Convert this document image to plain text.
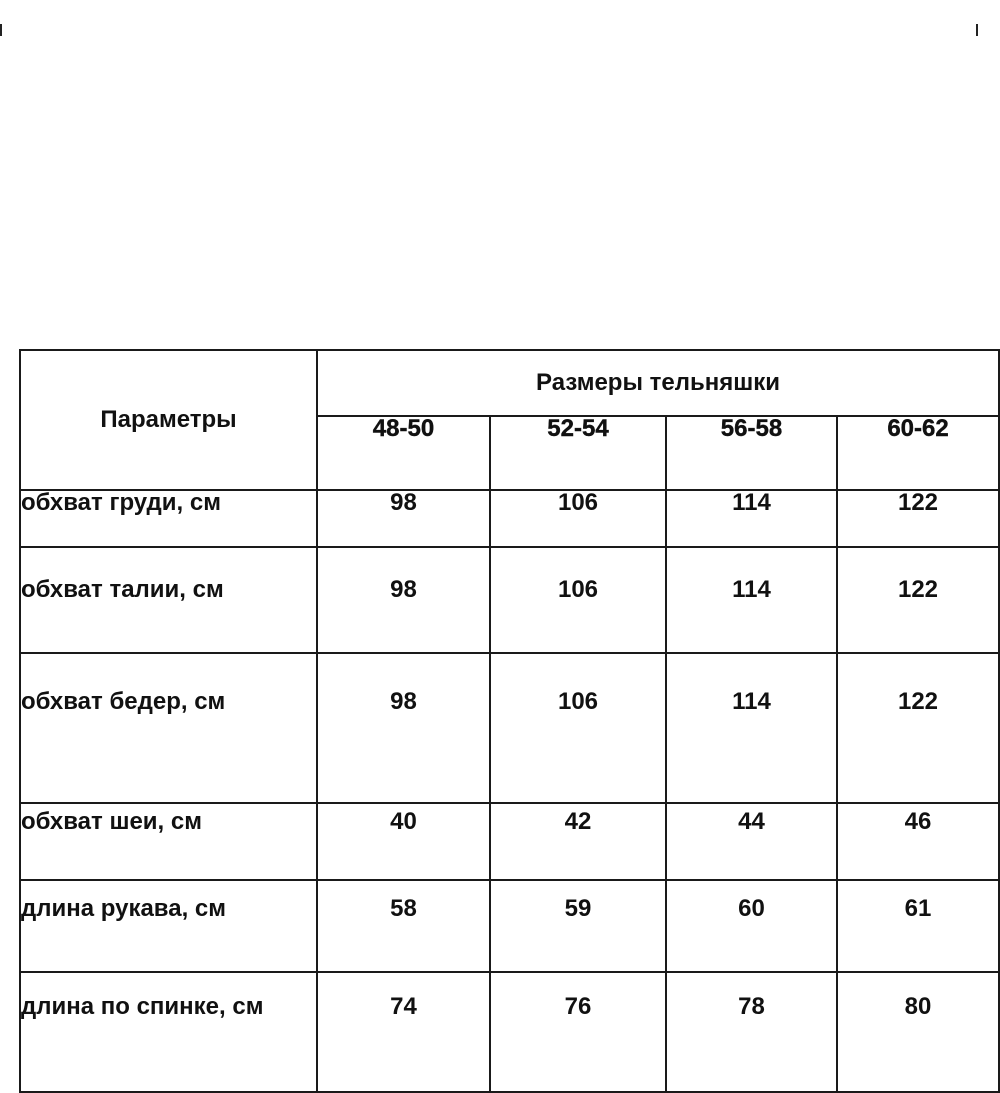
Параметры	Размеры тельняшки			
	48-50	52-54	56-58	60-62
обхват груди, см	98	106	114	122
обхват талии, см	98	106	114	122
обхват бедер, см	98	106	114	122
обхват шеи, см	40	42	44	46
длина рукава, см	58	59	60	61
длина по спинке, см	74	76	78	80
